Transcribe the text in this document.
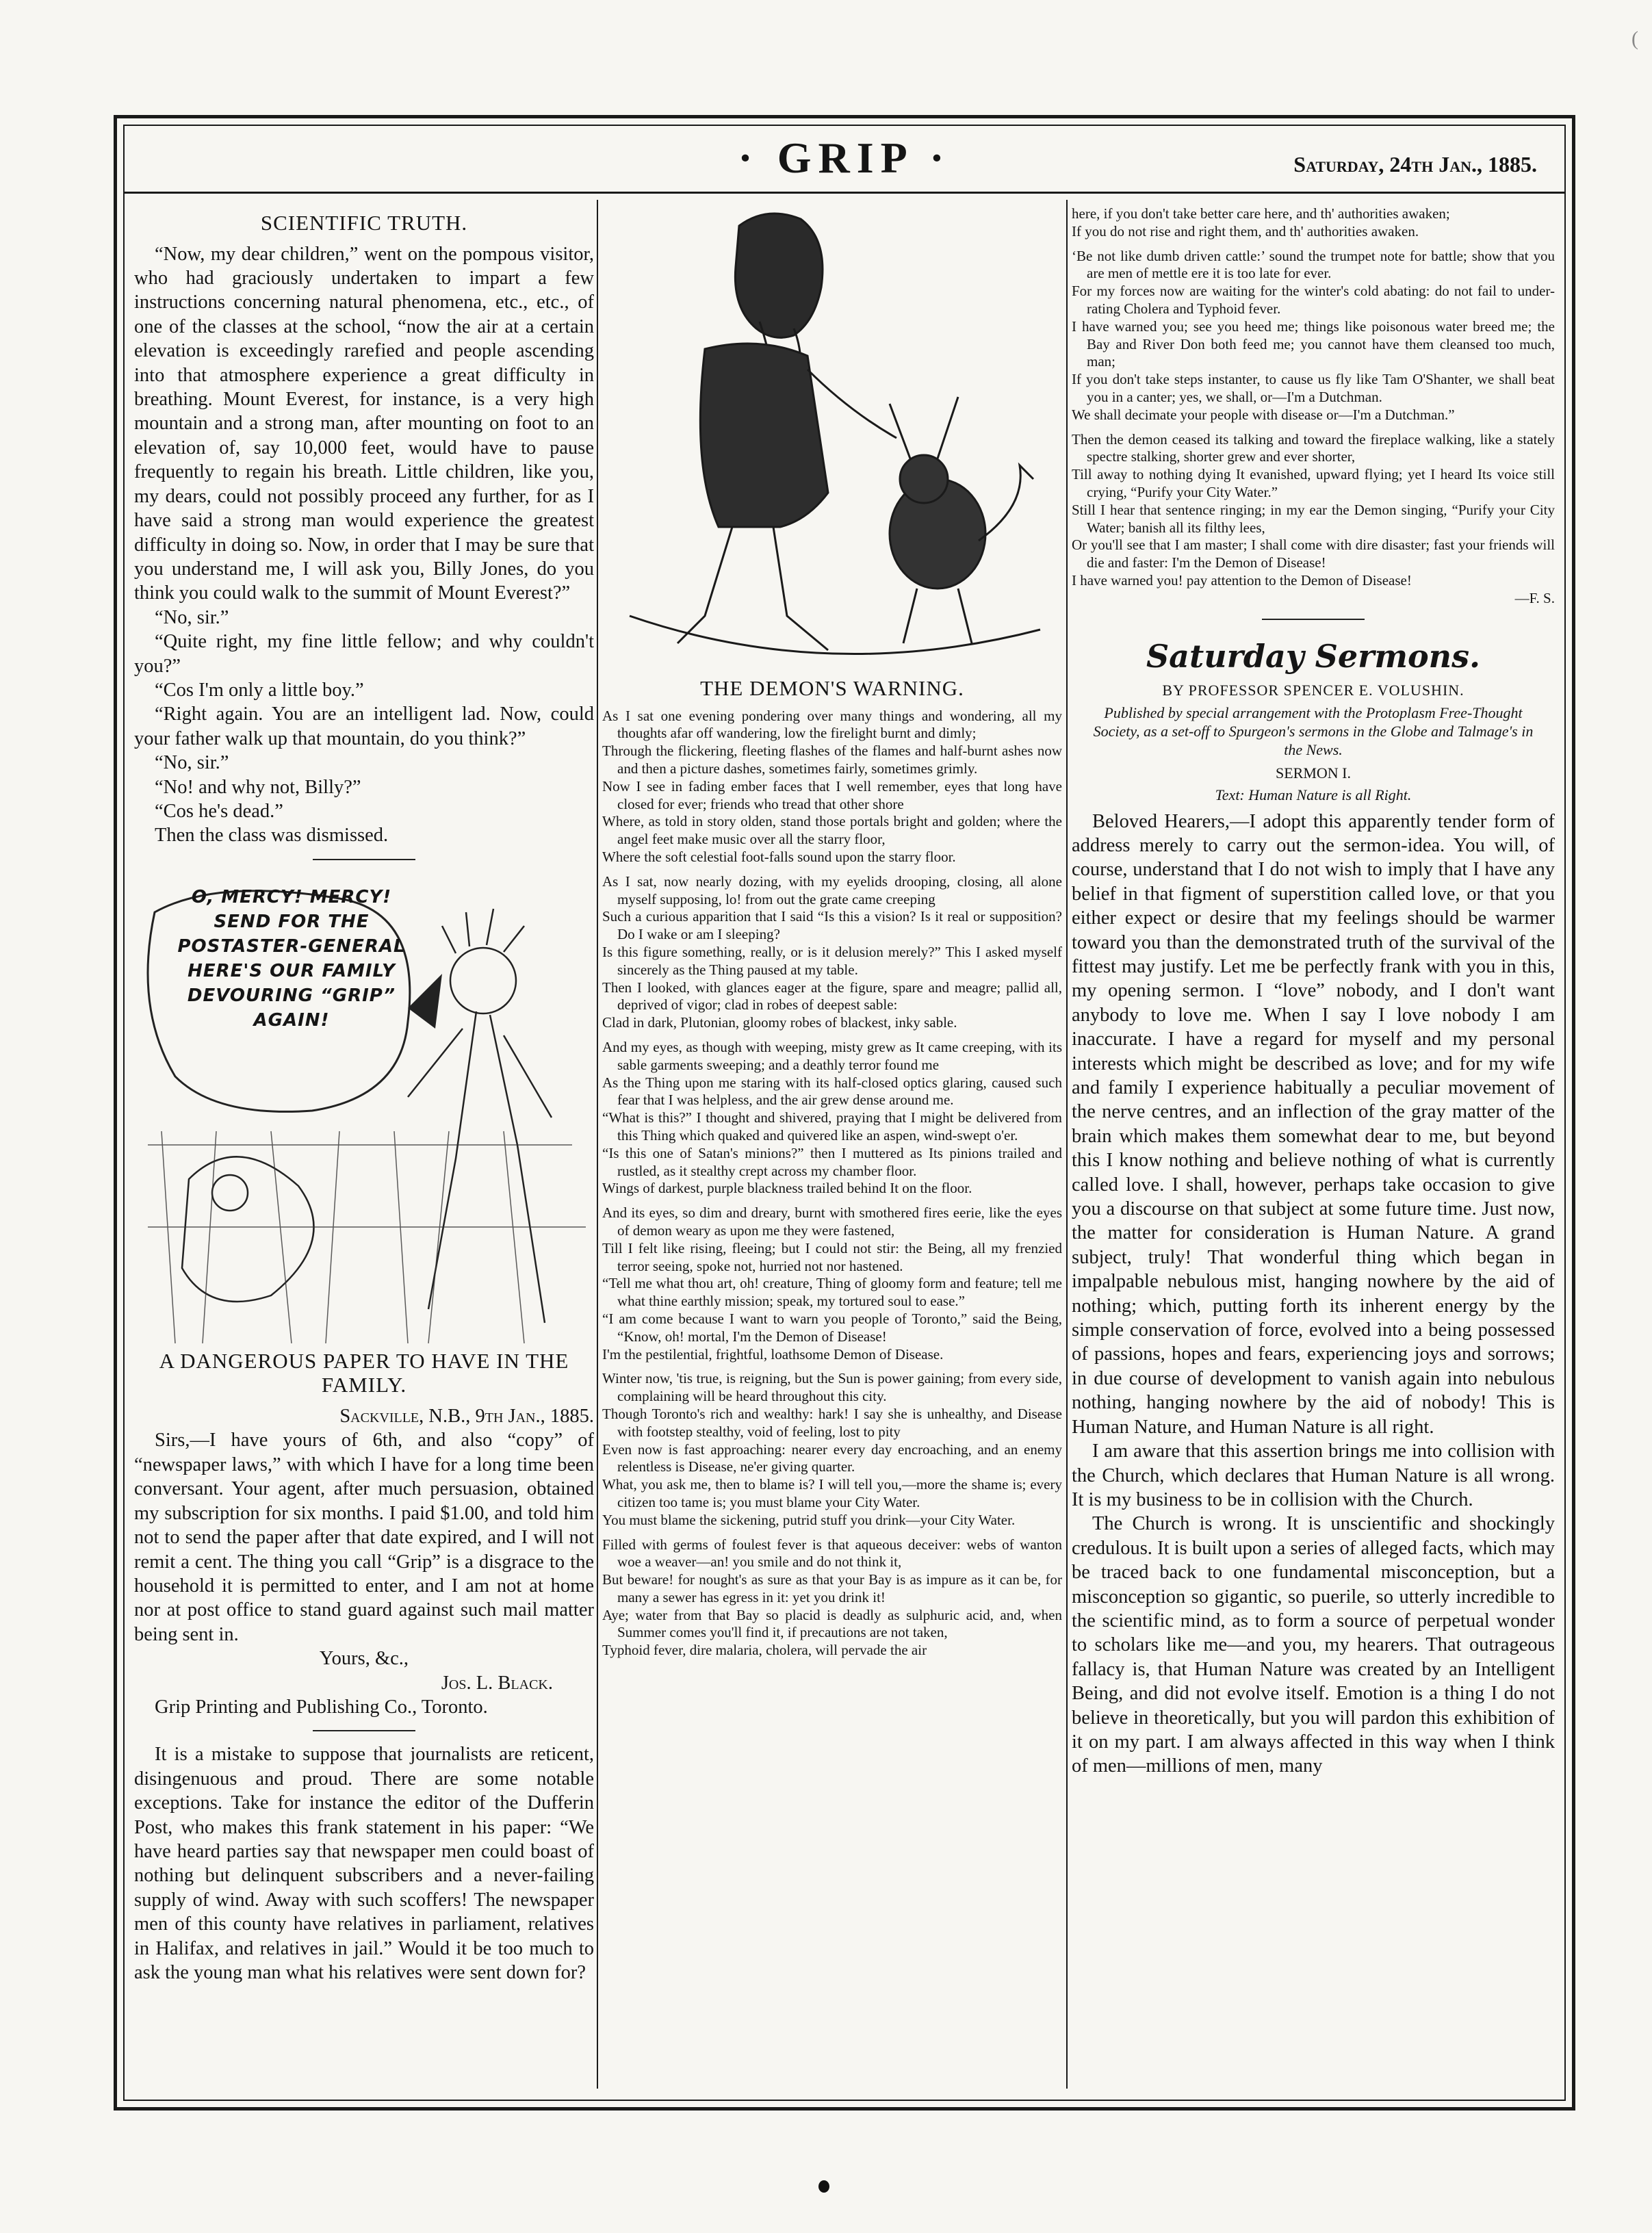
(
· GRIP ·	Saturday, 24th Jan., 1885.
SCIENTIFIC TRUTH.

“Now, my dear children,” went on the pompous visitor, who had graciously undertaken to impart a few instructions concerning natural phenomena, etc., etc., of one of the classes at the school, “now the air at a certain elevation is exceedingly rarefied and people ascending into that atmosphere experience a great difficulty in breathing. Mount Everest, for instance, is a very high mountain and a strong man, after mounting on foot to an elevation of, say 10,000 feet, would have to pause frequently to regain his breath. Little children, like you, my dears, could not possibly proceed any further, for as I have said a strong man would experience the greatest difficulty in doing so. Now, in order that I may be sure that you understand me, I will ask you, Billy Jones, do you think you could walk to the summit of Mount Everest?”

“No, sir.”

“Quite right, my fine little fellow; and why couldn't you?”

“Cos I'm only a little boy.”

“Right again. You are an intelligent lad. Now, could your father walk up that mountain, do you think?”

“No, sir.”

“No! and why not, Billy?”

“Cos he's dead.”

Then the class was dismissed.

O, MERCY! MERCY!
SEND FOR THE
POSTASTER-GENERAL
HERE'S OUR FAMILY
DEVOURING “GRIP”
AGAIN!
A DANGEROUS PAPER TO HAVE IN THE FAMILY.

Sackville, N.B., 9th Jan., 1885.

Sirs,—I have yours of 6th, and also “copy” of “newspaper laws,” with which I have for a long time been conversant. Your agent, after much persuasion, obtained my subscription for six months. I paid $1.00, and told him not to send the paper after that date expired, and I will not remit a cent. The thing you call “Grip” is a disgrace to the household it is permitted to enter, and I am not at home nor at post office to stand guard against such mail matter being sent in.

Yours, &c.,

Jos. L. Black.

Grip Printing and Publishing Co., Toronto.

It is a mistake to suppose that journalists are reticent, disingenuous and proud. There are some notable exceptions. Take for instance the editor of the Dufferin Post, who makes this frank statement in his paper: “We have heard parties say that newspaper men could boast of nothing but delinquent subscribers and a never-failing supply of wind. Away with such scoffers! The newspaper men of this county have relatives in parliament, relatives in Halifax, and relatives in jail.” Would it be too much to ask the young man what his relatives were sent down for?

THE DEMON'S WARNING.

As I sat one evening pondering over many things and wondering, all my thoughts afar off wandering, low the firelight burnt and dimly;

Through the flickering, fleeting flashes of the flames and half-burnt ashes now and then a picture dashes, sometimes fairly, sometimes grimly.

Now I see in fading ember faces that I well remember, eyes that long have closed for ever; friends who tread that other shore

Where, as told in story olden, stand those portals bright and golden; where the angel feet make music over all the starry floor,

Where the soft celestial foot-falls sound upon the starry floor.

As I sat, now nearly dozing, with my eyelids drooping, closing, all alone myself supposing, lo! from out the grate came creeping

Such a curious apparition that I said “Is this a vision? Is it real or supposition? Do I wake or am I sleeping?

Is this figure something, really, or is it delusion merely?” This I asked myself sincerely as the Thing paused at my table.

Then I looked, with glances eager at the figure, spare and meagre; pallid all, deprived of vigor; clad in robes of deepest sable:

Clad in dark, Plutonian, gloomy robes of blackest, inky sable.

And my eyes, as though with weeping, misty grew as It came creeping, with its sable garments sweeping; and a deathly terror found me

As the Thing upon me staring with its half-closed optics glaring, caused such fear that I was helpless, and the air grew dense around me.

“What is this?” I thought and shivered, praying that I might be delivered from this Thing which quaked and quivered like an aspen, wind-swept o'er.

“Is this one of Satan's minions?” then I muttered as Its pinions trailed and rustled, as it stealthy crept across my chamber floor.

Wings of darkest, purple blackness trailed behind It on the floor.

And its eyes, so dim and dreary, burnt with smothered fires eerie, like the eyes of demon weary as upon me they were fastened,

Till I felt like rising, fleeing; but I could not stir: the Being, all my frenzied terror seeing, spoke not, hurried not nor hastened.

“Tell me what thou art, oh! creature, Thing of gloomy form and feature; tell me what thine earthly mission; speak, my tortured soul to ease.”

“I am come because I want to warn you people of Toronto,” said the Being, “Know, oh! mortal, I'm the Demon of Disease!

I'm the pestilential, frightful, loathsome Demon of Disease.

Winter now, 'tis true, is reigning, but the Sun is power gaining; from every side, complaining will be heard throughout this city.

Though Toronto's rich and wealthy: hark! I say she is unhealthy, and Disease with footstep stealthy, void of feeling, lost to pity

Even now is fast approaching: nearer every day encroaching, and an enemy relentless is Disease, ne'er giving quarter.

What, you ask me, then to blame is? I will tell you,—more the shame is; every citizen too tame is; you must blame your City Water.

You must blame the sickening, putrid stuff you drink—your City Water.

Filled with germs of foulest fever is that aqueous deceiver: webs of wanton woe a weaver—an! you smile and do not think it,

But beware! for nought's as sure as that your Bay is as impure as it can be, for many a sewer has egress in it: yet you drink it!

Aye; water from that Bay so placid is deadly as sulphuric acid, and, when Summer comes you'll find it, if precautions are not taken,

Typhoid fever, dire malaria, cholera, will pervade the air

here, if you don't take better care here, and th' authorities awaken;

If you do not rise and right them, and th' authorities awaken.

‘Be not like dumb driven cattle:’ sound the trumpet note for battle; show that you are men of mettle ere it is too late for ever.

For my forces now are waiting for the winter's cold abating: do not fail to under-rating Cholera and Typhoid fever.

I have warned you; see you heed me; things like poisonous water breed me; the Bay and River Don both feed me; you cannot have them cleansed too much, man;

If you don't take steps instanter, to cause us fly like Tam O'Shanter, we shall beat you in a canter; yes, we shall, or—I'm a Dutchman.

We shall decimate your people with disease or—I'm a Dutchman.”

Then the demon ceased its talking and toward the fireplace walking, like a stately spectre stalking, shorter grew and ever shorter,

Till away to nothing dying It evanished, upward flying; yet I heard Its voice still crying, “Purify your City Water.”

Still I hear that sentence ringing; in my ear the Demon singing, “Purify your City Water; banish all its filthy lees,

Or you'll see that I am master; I shall come with dire disaster; fast your friends will die and faster: I'm the Demon of Disease!

I have warned you! pay attention to the Demon of Disease!

—F. S.

Saturday Sermons.
BY PROFESSOR SPENCER E. VOLUSHIN.
Published by special arrangement with the Protoplasm Free-Thought Society, as a set-off to Spurgeon's sermons in the Globe and Talmage's in the News.
SERMON I.
Text: Human Nature is all Right.

Beloved Hearers,—I adopt this apparently tender form of address merely to carry out the sermon-idea. You will, of course, understand that I do not wish to imply that I have any belief in that figment of superstition called love, or that you either expect or desire that my feelings should be warmer toward you than the demonstrated truth of the survival of the fittest may justify. Let me be perfectly frank with you in this, my opening sermon. I “love” nobody, and I don't want anybody to love me. When I say I love nobody I am inaccurate. I have a regard for myself and my personal interests which might be described as love; and for my wife and family I experience habitually a peculiar movement of the nerve centres, and an inflection of the gray matter of the brain which makes them somewhat dear to me, but beyond this I know nothing and believe nothing of what is currently called love. I shall, however, perhaps take occasion to give you a discourse on that subject at some future time. Just now, the matter for consideration is Human Nature. A grand subject, truly! That wonderful thing which began in impalpable nebulous mist, hanging nowhere by the aid of nothing; which, putting forth its inherent energy by the simple conservation of force, evolved into a being possessed of passions, hopes and fears, experiencing joys and sorrows; in due course of development to vanish again into nebulous nothing, hanging nowhere by the aid of nobody! This is Human Nature, and Human Nature is all right.

I am aware that this assertion brings me into collision with the Church, which declares that Human Nature is all wrong. It is my business to be in collision with the Church.

The Church is wrong. It is unscientific and shockingly credulous. It is built upon a series of alleged facts, which may be traced back to one fundamental misconception, but a misconception so gigantic, so puerile, so utterly incredible to the scientific mind, as to form a source of perpetual wonder to scholars like me—and you, my hearers. That outrageous fallacy is, that Human Nature was created by an Intelligent Being, and did not evolve itself. Emotion is a thing I do not believe in theoretically, but you will pardon this exhibition of it on my part. I am always affected in this way when I think of men—millions of men, many
